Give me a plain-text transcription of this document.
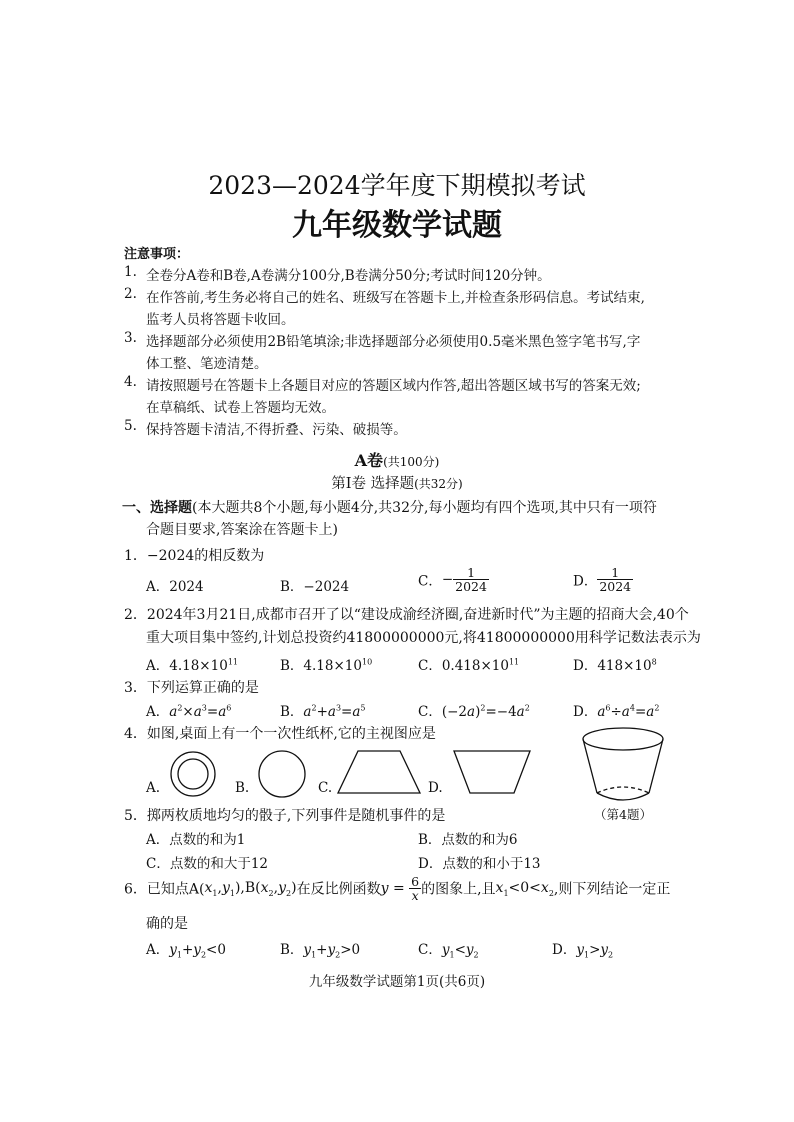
2023—2024学年度下期模拟考试
九年级数学试题
注意事项：
1. 全卷分A卷和B卷,A卷满分100分,B卷满分50分;考试时间120分钟。
2. 在作答前,考生务必将自己的姓名、班级写在答题卡上,并检查条形码信息。考试结束,
监考人员将答题卡收回。
3. 选择题部分必须使用2B铅笔填涂;非选择题部分必须使用0.5毫米黑色签字笔书写,字
体工整、笔迹清楚。
4. 请按照题号在答题卡上各题目对应的答题区域内作答,超出答题区域书写的答案无效;
在草稿纸、试卷上答题均无效。
5. 保持答题卡清洁,不得折叠、污染、破损等。
A卷(共100分)
第Ⅰ卷 选择题(共32分)
一、选择题(本大题共8个小题,每小题4分,共32分,每小题均有四个选项,其中只有一项符
合题目要求,答案涂在答题卡上)
1．−2024的相反数为
A．2024	B．−2024	C．− $\frac{1}{2024}$	D． $\frac{1}{2024}$
2．2024年3月21日,成都市召开了以“建设成渝经济圈,奋进新时代”为主题的招商大会,40个
重大项目集中签约,计划总投资约41800000000元,将41800000000用科学记数法表示为
A．$4.18\times 10^{11}$	B．$4.18\times 10^{10}$	C．$0.418\times 10^{11}$	D．$418\times 10^8$
3．下列运算正确的是
A．$a^2\times a^3=a^6$	B．$a^2+a^3=a^5$	C．$(-2a)^2=-4a^2$	D．$a^6\div a^4=a^2$
4．如图,桌面上有一个一次性纸杯,它的主视图应是
A.	B.	C.	D.
（第4题）
5．掷两枚质地均匀的骰子,下列事件是随机事件的是
A．点数的和为1	B．点数的和为6
C．点数的和大于12	D．点数的和小于13
6．已知点$A(x_1,y_1),B(x_2,y_2)$在反比例函数$y = \frac{6}{x}$ 的图象上,且$x_1<0<x_2$,则下列结论一定正
确的是
A．$y_1+y_2<0$	B．$y_1+y_2>0$	C．$y_1<y_2$	D．$y_1>y_2$
九年级数学试题第1页(共6页)
